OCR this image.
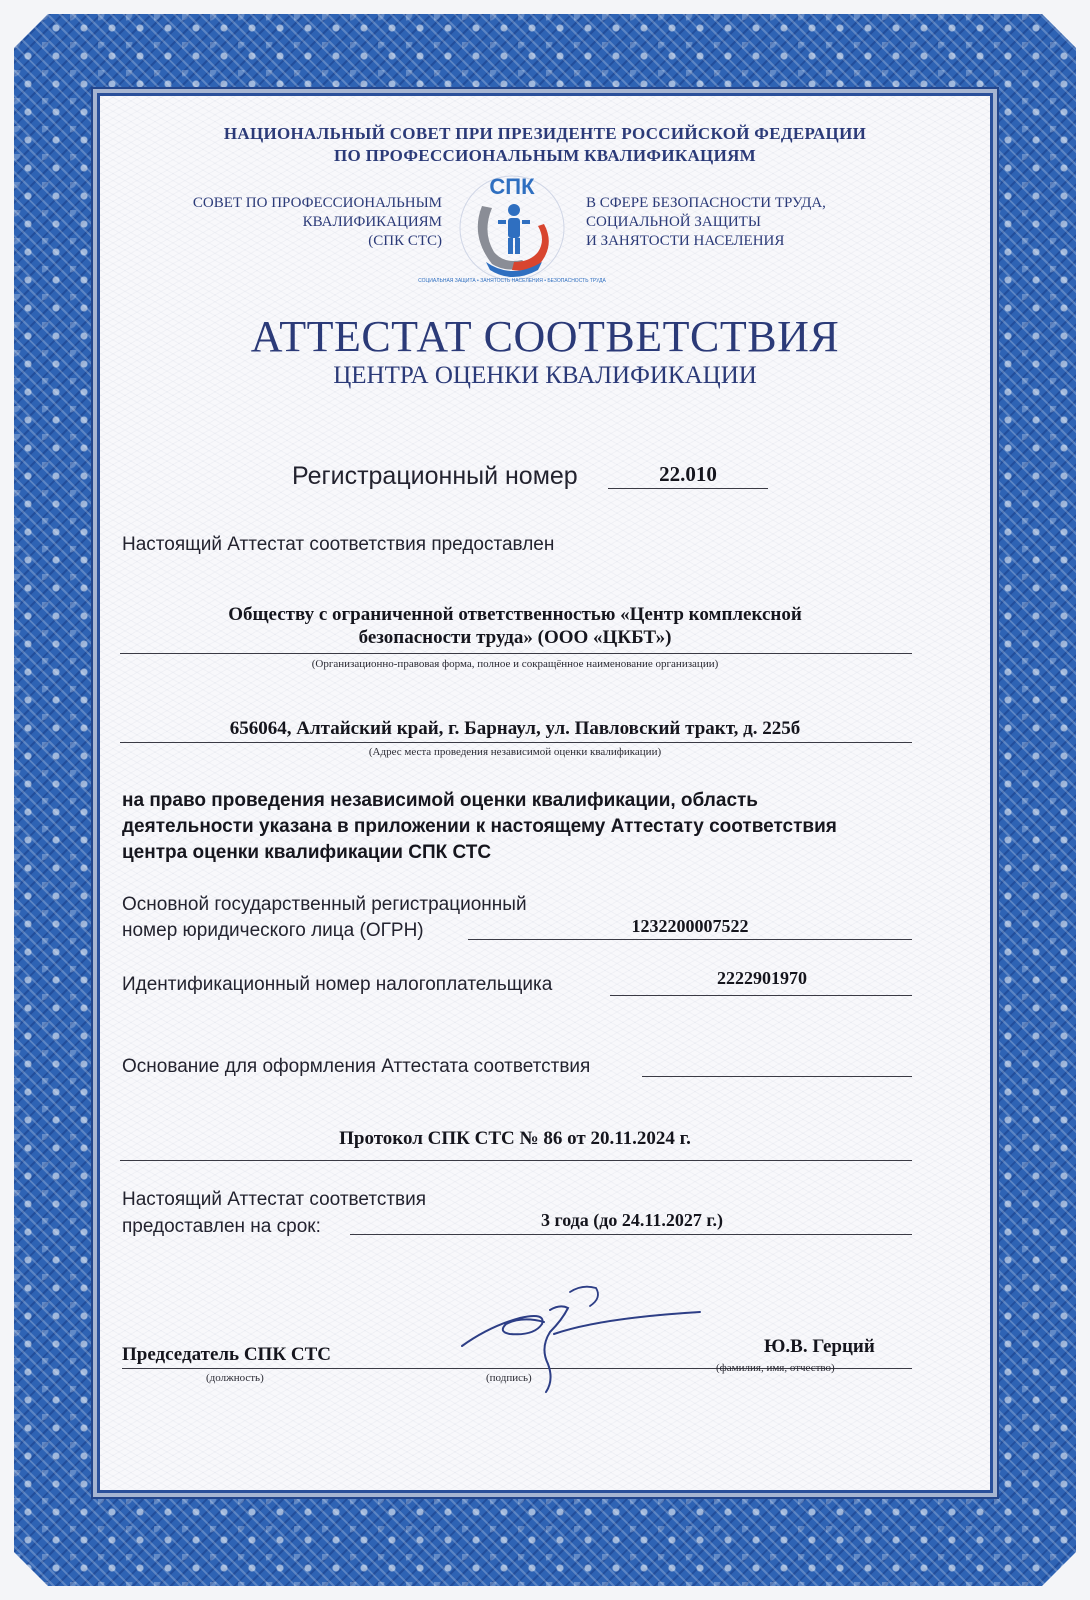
НАЦИОНАЛЬНЫЙ СОВЕТ ПРИ ПРЕЗИДЕНТЕ РОССИЙСКОЙ ФЕДЕРАЦИИ
ПО ПРОФЕССИОНАЛЬНЫМ КВАЛИФИКАЦИЯМ
СОВЕТ ПО ПРОФЕССИОНАЛЬНЫМ
КВАЛИФИКАЦИЯМ
(СПК СТС)
СПК
СОЦИАЛЬНАЯ ЗАЩИТА • ЗАНЯТОСТЬ НАСЕЛЕНИЯ • БЕЗОПАСНОСТЬ ТРУДА
В СФЕРЕ БЕЗОПАСНОСТИ ТРУДА,
СОЦИАЛЬНОЙ ЗАЩИТЫ
И ЗАНЯТОСТИ НАСЕЛЕНИЯ
АТТЕСТАТ СООТВЕТСТВИЯ
ЦЕНТРА ОЦЕНКИ КВАЛИФИКАЦИИ
Регистрационный номер	22.010
Настоящий Аттестат соответствия предоставлен
Обществу с ограниченной ответственностью «Центр комплексной
безопасности труда» (ООО «ЦКБТ»)
(Организационно-правовая форма, полное и сокращённое наименование организации)
656064, Алтайский край, г. Барнаул, ул. Павловский тракт, д. 225б
(Адрес места проведения независимой оценки квалификации)
на право проведения независимой оценки квалификации, область
деятельности указана в приложении к настоящему Аттестату соответствия
центра оценки квалификации СПК СТС
Основной государственный регистрационный
номер юридического лица (ОГРН)	1232200007522
Идентификационный номер налогоплательщика	2222901970
Основание для оформления Аттестата соответствия
Протокол СПК СТС № 86 от 20.11.2024 г.
Настоящий Аттестат соответствия
предоставлен на срок:	3 года (до 24.11.2027 г.)
Председатель СПК СТС
(должность)	(подпись)
Ю.В. Герций
(фамилия, имя, отчество)
